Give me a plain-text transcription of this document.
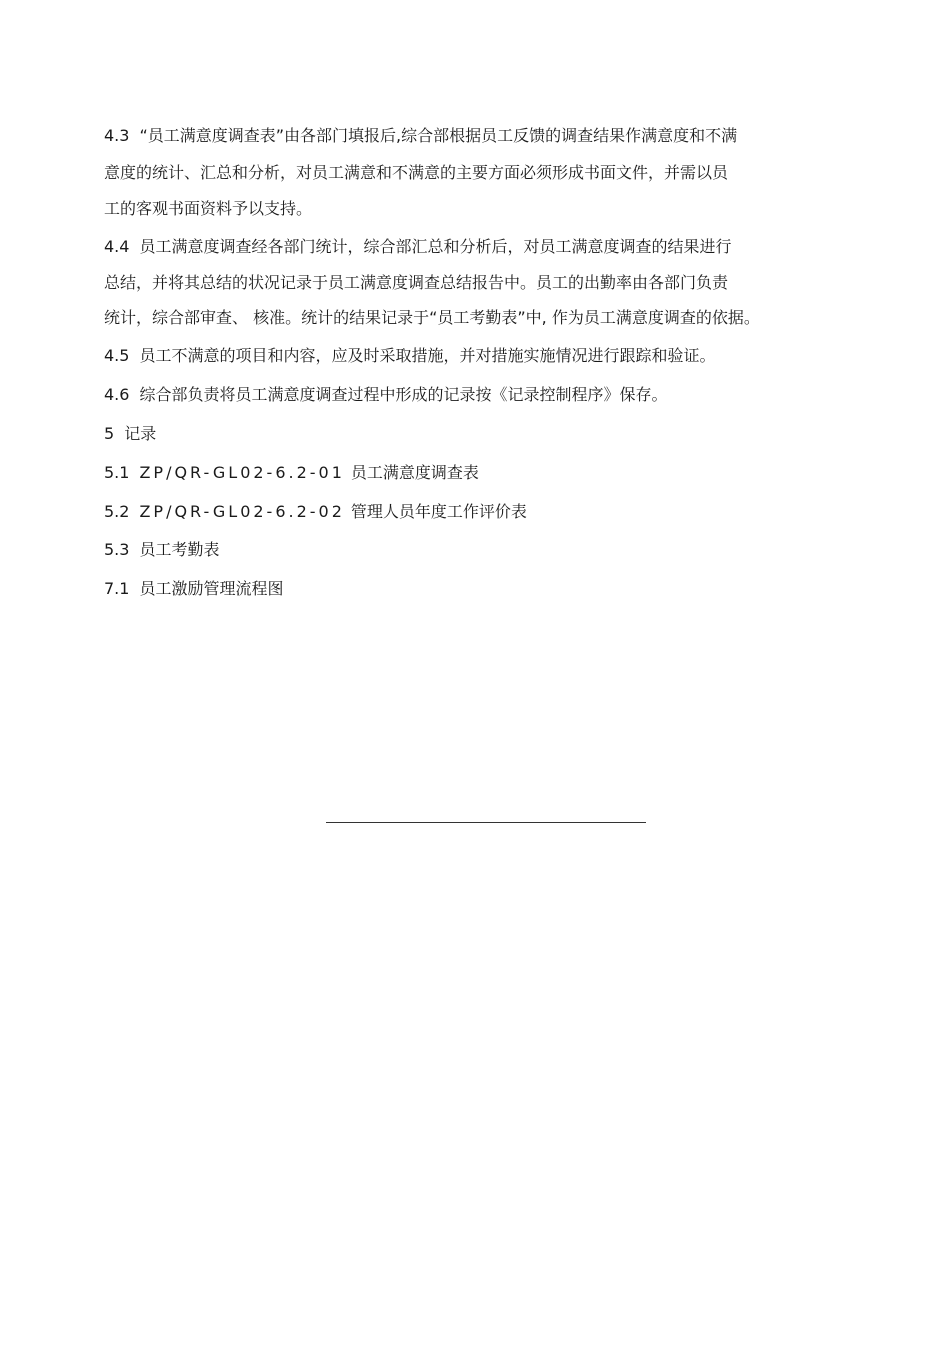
4.3 “员工满意度调查表”由各部门填报后,综合部根据员工反馈的调查结果作满意度和不满
意度的统计、汇总和分析，对员工满意和不满意的主要方面必须形成书面文件，并需以员
工的客观书面资料予以支持。
4.4 员工满意度调查经各部门统计，综合部汇总和分析后，对员工满意度调查的结果进行
总结，并将其总结的状况记录于员工满意度调查总结报告中。员工的出勤率由各部门负责
统计，综合部审查、 核准。统计的结果记录于“员工考勤表”中, 作为员工满意度调查的依据。
4.5 员工不满意的项目和内容，应及时采取措施，并对措施实施情况进行跟踪和验证。
4.6 综合部负责将员工满意度调查过程中形成的记录按《记录控制程序》保存。
5 记录
5.1 ZP/QR-GL02-6.2-01 员工满意度调查表
5.2 ZP/QR-GL02-6.2-02 管理人员年度工作评价表
5.3 员工考勤表
7.1 员工激励管理流程图
